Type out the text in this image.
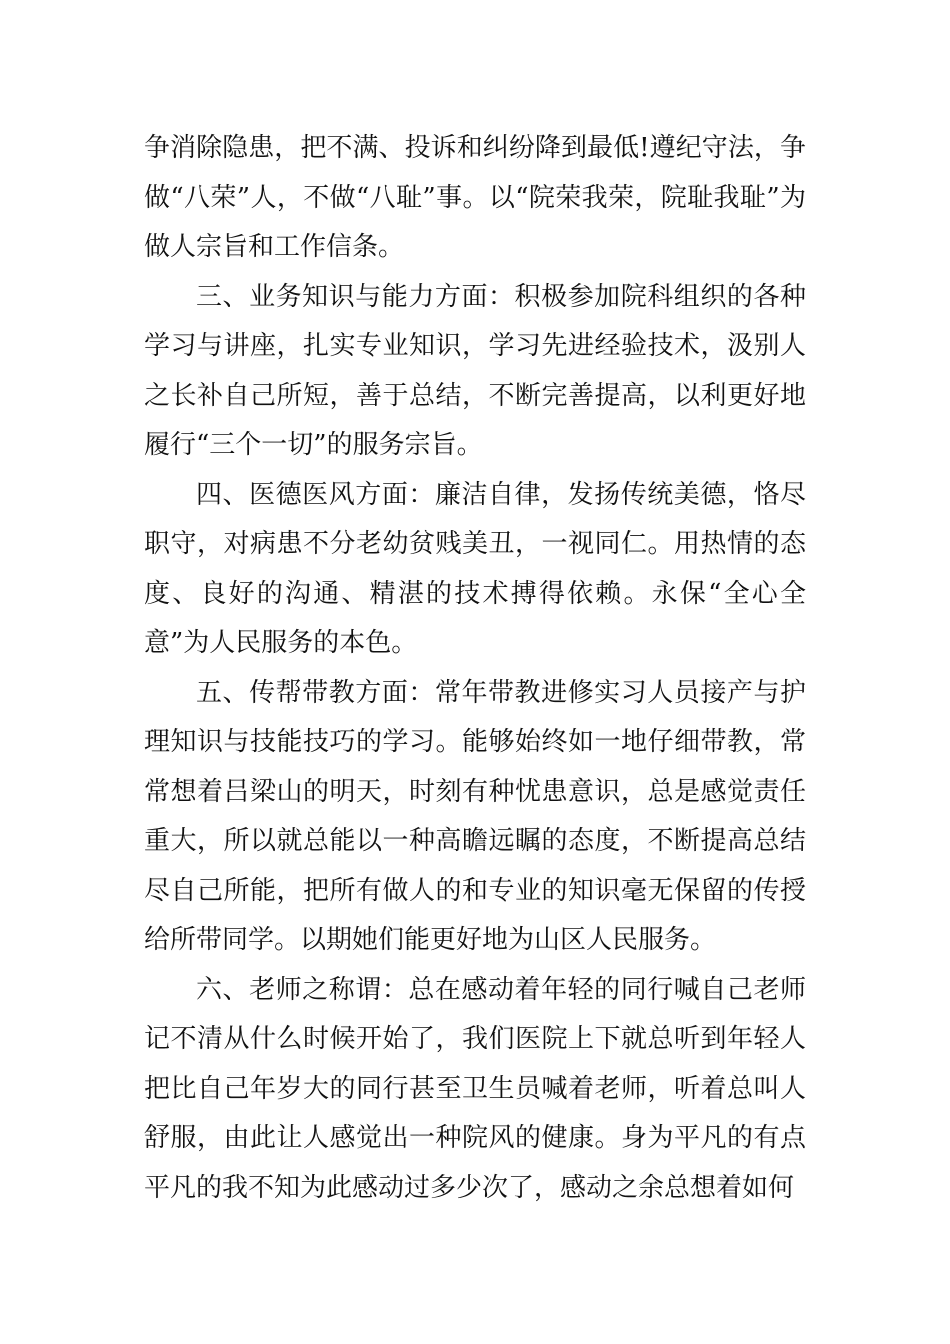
争消除隐患，把不满、投诉和纠纷降到最低!遵纪守法，争做“八荣”人，不做“八耻”事。以“院荣我荣，院耻我耻”为做人宗旨和工作信条。

三、业务知识与能力方面：积极参加院科组织的各种学习与讲座，扎实专业知识，学习先进经验技术，汲别人之长补自己所短，善于总结，不断完善提高，以利更好地履行“三个一切”的服务宗旨。

四、医德医风方面：廉洁自律，发扬传统美德，恪尽职守，对病患不分老幼贫贱美丑，一视同仁。用热情的态度、良好的沟通、精湛的技术搏得依赖。永保“全心全意”为人民服务的本色。

五、传帮带教方面：常年带教进修实习人员接产与护理知识与技能技巧的学习。能够始终如一地仔细带教，常常想着吕梁山的明天，时刻有种忧患意识，总是感觉责任重大，所以就总能以一种高瞻远瞩的态度，不断提高总结尽自己所能，把所有做人的和专业的知识毫无保留的传授给所带同学。以期她们能更好地为山区人民服务。

六、老师之称谓：总在感动着年轻的同行喊自己老师记不清从什么时候开始了，我们医院上下就总听到年轻人把比自己年岁大的同行甚至卫生员喊着老师，听着总叫人舒服，由此让人感觉出一种院风的健康。身为平凡的有点平凡的我不知为此感动过多少次了，感动之余总想着如何
